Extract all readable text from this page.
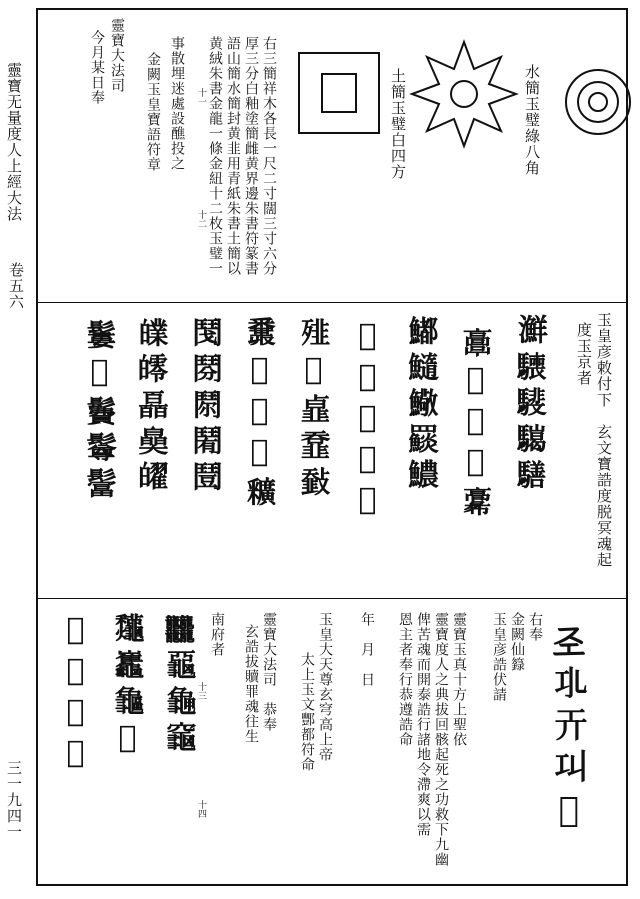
靈寶无量度人上經大法
卷五六
三一九四一
水簡玉璧綠八角
土簡玉璧白四方
右三簡祥木各長一尺二寸闊三寸六分
厚三分白釉塗簡雌黄界邊朱書符篆書
語山簡水簡封黄韭用青紙朱書土簡以
黄絨朱書金龍一條金紐十二枚玉璧一
事散埋迷處設醮投之
金闕玉皇寶語符章
靈寶大法司
今月某日奉	十一
十二
玉皇彦敕付下　玄文寶誥度脱冥魂起
度玉京者
㶍𩦌𩦎𩦏𩦐
𩫖𩫗𩫘𩫙𩫚
𩼁𩼂𩼃𩼄𩼅
𨮧𨮨𨮩𨮪𨮫
𩐁𩐂𩐃𩐄𩐅
𨤝𨤞𨤟𨤠𨤡
𩰎𩰏𩰐𩰑𩰒
𤾧𤾨𤾩𤾪𤾫
𩯁𩯂𩯃𩯄𩯅
𢀖𢀗𢀘𢀙𢀚
右奉
金闕仙籙
玉皇彦誥伏請
靈寶玉真十方上聖依
靈寶度人之典拔回骸起死之功救下九幽
俾苦魂而開泰誥行諸地令滯爽以需
恩主者奉行恭遵誥命
年　月　日
玉皇大天尊玄穹高上帝
太上玉文酆都符命
靈寶大法司　恭奉
玄誥拔贖罪魂往生
南府者
十三
十四
𪚥𪚦𪚧𪚨
𪛁𪛂𪛃𪛄
𪜁𪜂𪜃𪜄
